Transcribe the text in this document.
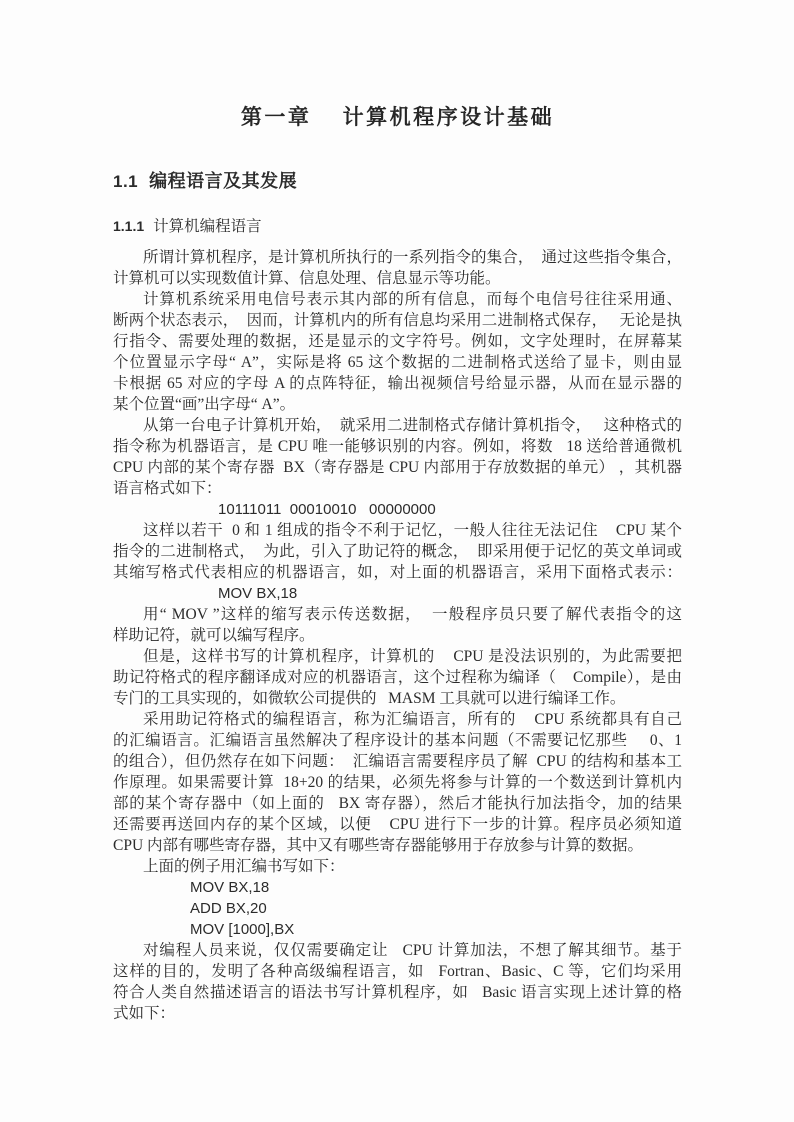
第一章　 计算机程序设计基础
1.1 编程语言及其发展
1.1.1 计算机编程语言
所谓计算机程序，是计算机所执行的一系列指令的集合，  通过这些指令集合，
计算机可以实现数值计算、信息处理、信息显示等功能。
计算机系统采用电信号表示其内部的所有信息，而每个电信号往往采用通、
断两个状态表示，  因而，计算机内的所有信息均采用二进制格式保存，   无论是执
行指令、需要处理的数据，还是显示的文字符号。例如，文字处理时，在屏幕某
个位置显示字母“ A”，实际是将 65 这个数据的二进制格式送给了显卡，则由显
卡根据 65 对应的字母 A 的点阵特征，输出视频信号给显示器，从而在显示器的
某个位置“画”出字母“ A”。
从第一台电子计算机开始，  就采用二进制格式存储计算机指令，   这种格式的
指令称为机器语言，是 CPU 唯一能够识别的内容。例如，将数   18 送给普通微机
CPU 内部的某个寄存器  BX（寄存器是 CPU 内部用于存放数据的单元） ，其机器
语言格式如下：
10111011  00010010   00000000
这样以若干  0 和 1 组成的指令不利于记忆，一般人往往无法记住    CPU 某个
指令的二进制格式，  为此，引入了助记符的概念，  即采用便于记忆的英文单词或
其缩写格式代表相应的机器语言，如，对上面的机器语言，采用下面格式表示：
MOV BX,18
用“ MOV ”这样的缩写表示传送数据，  一般程序员只要了解代表指令的这
样助记符，就可以编写程序。
但是，这样书写的计算机程序，计算机的    CPU 是没法识别的，为此需要把
助记符格式的程序翻译成对应的机器语言，这个过程称为编译（    Compile），是由
专门的工具实现的，如微软公司提供的   MASM 工具就可以进行编译工作。
采用助记符格式的编程语言，称为汇编语言，所有的    CPU 系统都具有自己
的汇编语言。汇编语言虽然解决了程序设计的基本问题（不需要记忆那些     0、1
的组合），但仍然存在如下问题：  汇编语言需要程序员了解  CPU 的结构和基本工
作原理。如果需要计算  18+20 的结果，必须先将参与计算的一个数送到计算机内
部的某个寄存器中（如上面的   BX 寄存器），然后才能执行加法指令，加的结果
还需要再送回内存的某个区域，以便    CPU 进行下一步的计算。程序员必须知道
CPU 内部有哪些寄存器，其中又有哪些寄存器能够用于存放参与计算的数据。
上面的例子用汇编书写如下：
MOV BX,18
ADD BX,20
MOV [1000],BX
对编程人员来说，仅仅需要确定让   CPU 计算加法，不想了解其细节。基于
这样的目的，发明了各种高级编程语言，如   Fortran、Basic、C 等，它们均采用
符合人类自然描述语言的语法书写计算机程序，如   Basic 语言实现上述计算的格
式如下：
